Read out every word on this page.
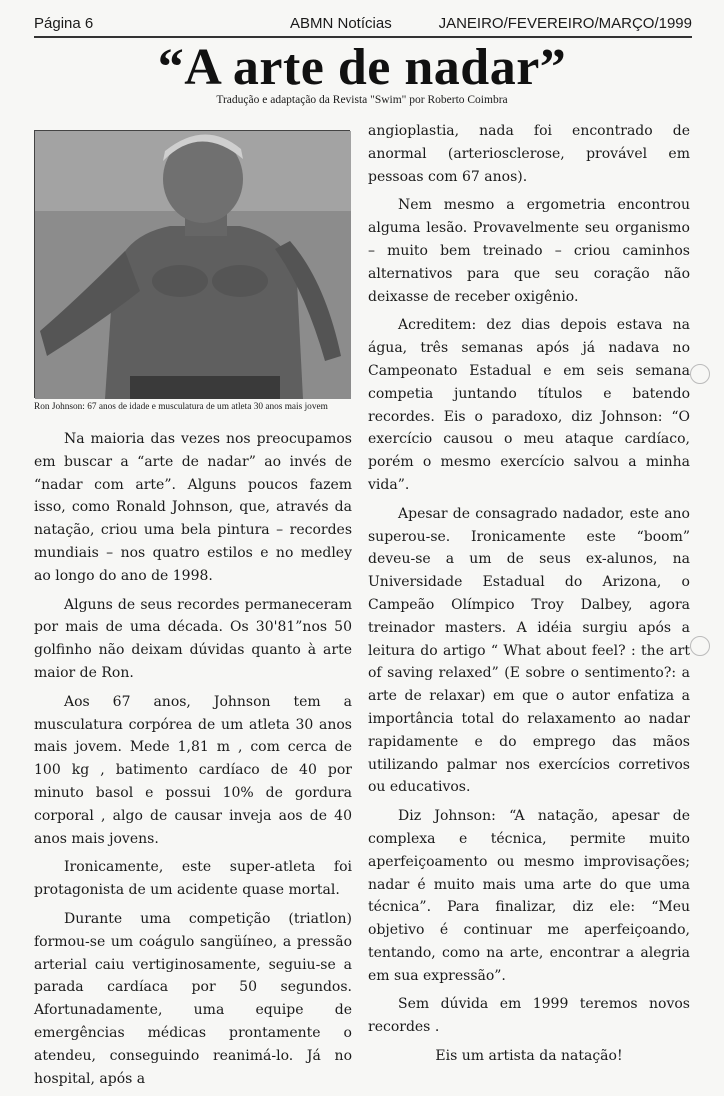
Página 6	ABMN Notícias	JANEIRO/FEVEREIRO/MARÇO/1999
“A arte de nadar”
Tradução e adaptação da Revista "Swim" por Roberto Coimbra
Ron Johnson: 67 anos de idade e musculatura de um atleta 30 anos mais jovem

Na maioria das vezes nos preocupamos em buscar a “arte de nadar” ao invés de “nadar com arte”. Alguns poucos fazem isso, como Ronald Johnson, que, através da natação, criou uma bela pintura – recordes mundiais – nos quatro estilos e no medley ao longo do ano de 1998.

Alguns de seus recordes permaneceram por mais de uma década. Os 30'81”nos 50 golfinho não deixam dúvidas quanto à arte maior de Ron.

Aos 67 anos, Johnson tem a musculatura corpórea de um atleta 30 anos mais jovem. Mede 1,81 m , com cerca de 100 kg , batimento cardíaco de 40 por minuto basol e possui 10% de gordura corporal , algo de causar inveja aos de 40 anos mais jovens.

Ironicamente, este super-atleta foi protagonista de um acidente quase mortal.

Durante uma competição (triatlon) formou-se um coágulo sangüíneo, a pressão arterial caiu vertiginosamente, seguiu-se a parada cardíaca por 50 segundos. Afortunadamente, uma equipe de emergências médicas prontamente o atendeu, conseguindo reanimá-lo. Já no hospital, após a

angioplastia, nada foi encontrado de anormal (arteriosclerose, provável em pessoas com 67 anos).

Nem mesmo a ergometria encontrou alguma lesão. Provavelmente seu organismo – muito bem treinado – criou caminhos alternativos para que seu coração não deixasse de receber oxigênio.

Acreditem: dez dias depois estava na água, três semanas após já nadava no Campeonato Estadual e em seis semana competia juntando títulos e batendo recordes. Eis o paradoxo, diz Johnson: “O exercício causou o meu ataque cardíaco, porém o mesmo exercício salvou a minha vida”.

Apesar de consagrado nadador, este ano superou-se. Ironicamente este “boom” deveu-se a um de seus ex-alunos, na Universidade Estadual do Arizona, o Campeão Olímpico Troy Dalbey, agora treinador masters. A idéia surgiu após a leitura do artigo “ What about feel? : the art of saving relaxed” (E sobre o sentimento?: a arte de relaxar) em que o autor enfatiza a importância total do relaxamento ao nadar rapidamente e do emprego das mãos utilizando palmar nos exercícios corretivos ou educativos.

Diz Johnson: “A natação, apesar de complexa e técnica, permite muito aperfeiçoamento ou mesmo improvisações; nadar é muito mais uma arte do que uma técnica”. Para finalizar, diz ele: “Meu objetivo é continuar me aperfeiçoando, tentando, como na arte, encontrar a alegria em sua expressão”.

Sem dúvida em 1999 teremos novos recordes .

Eis um artista da natação!
